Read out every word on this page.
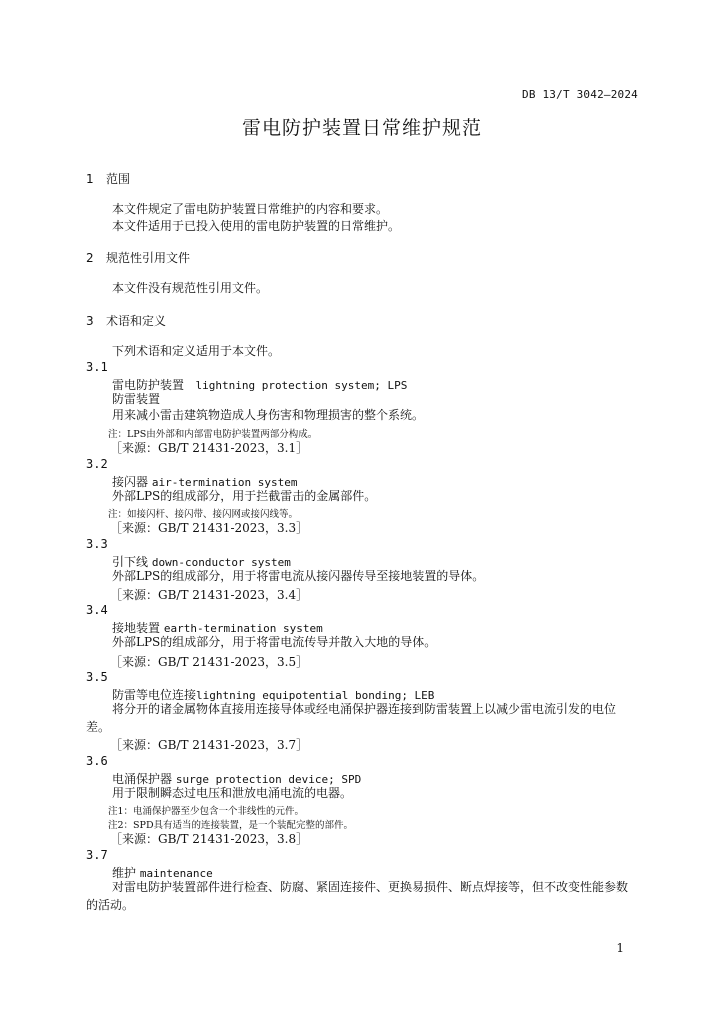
DB 13/T 3042—2024
雷电防护装置日常维护规范
1 范围
本文件规定了雷电防护装置日常维护的内容和要求。
本文件适用于已投入使用的雷电防护装置的日常维护。
2 规范性引用文件
本文件没有规范性引用文件。
3 术语和定义
下列术语和定义适用于本文件。
3.1
雷电防护装置 lightning protection system; LPS
防雷装置
用来减小雷击建筑物造成人身伤害和物理损害的整个系统。
注：LPS由外部和内部雷电防护装置两部分构成。
［来源：GB/T 21431-2023，3.1］
3.2
接闪器 air-termination system
外部LPS的组成部分，用于拦截雷击的金属部件。
注：如接闪杆、接闪带、接闪网或接闪线等。
［来源：GB/T 21431-2023，3.3］
3.3
引下线 down-conductor system
外部LPS的组成部分，用于将雷电流从接闪器传导至接地装置的导体。
［来源：GB/T 21431-2023，3.4］
3.4
接地装置 earth-termination system
外部LPS的组成部分，用于将雷电流传导并散入大地的导体。
［来源：GB/T 21431-2023，3.5］
3.5
防雷等电位连接lightning equipotential bonding; LEB
将分开的诸金属物体直接用连接导体或经电涌保护器连接到防雷装置上以减少雷电流引发的电位差。
［来源：GB/T 21431-2023，3.7］
3.6
电涌保护器 surge protection device; SPD
用于限制瞬态过电压和泄放电涌电流的电器。
注1：电涌保护器至少包含一个非线性的元件。
注2：SPD具有适当的连接装置，是一个装配完整的部件。
［来源：GB/T 21431-2023，3.8］
3.7
维护 maintenance
对雷电防护装置部件进行检查、防腐、紧固连接件、更换易损件、断点焊接等，但不改变性能参数的活动。
1
